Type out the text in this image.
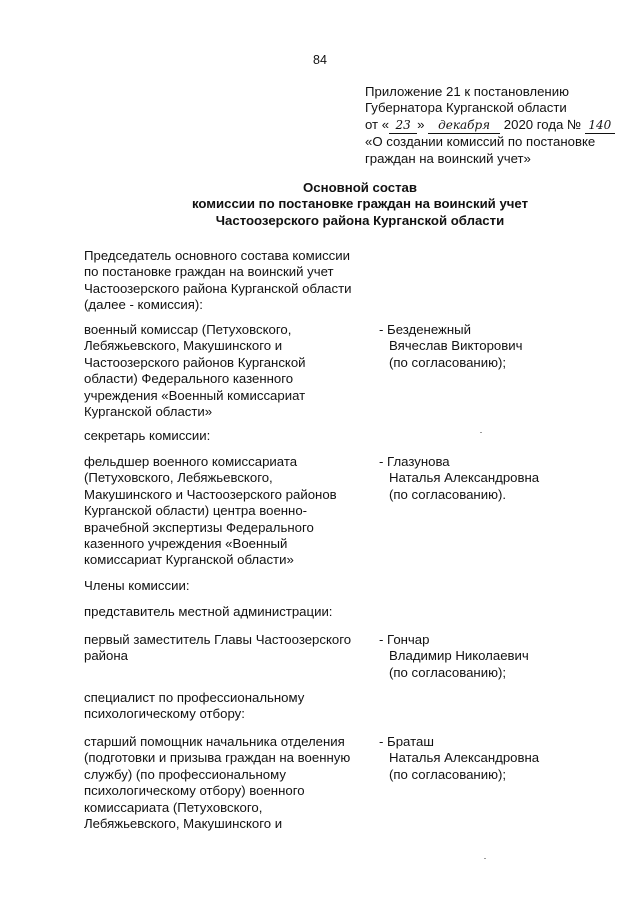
84
Приложение 21 к постановлению
Губернатора Курганской области
от « 23 » декабря 2020 года № 140
«О создании комиссий по постановке
граждан на воинский учет»
Основной состав
комиссии по постановке граждан на воинский учет
Частоозерского района Курганской области
Председатель основного состава комиссии
по постановке граждан на воинский учет
Частоозерского района Курганской области
(далее - комиссия):
военный комиссар (Петуховского,
Лебяжьевского, Макушинского и
Частоозерского районов Курганской
области) Федерального казенного
учреждения «Военный комиссариат
Курганской области»
- Безденежный
Вячеслав Викторович
(по согласованию);
секретарь комиссии:
фельдшер военного комиссариата
(Петуховского, Лебяжьевского,
Макушинского и Частоозерского районов
Курганской области) центра военно-
врачебной экспертизы Федерального
казенного учреждения «Военный
комиссариат Курганской области»
- Глазунова
Наталья Александровна
(по согласованию).
Члены комиссии:
представитель местной администрации:
первый заместитель Главы Частоозерского
района
- Гончар
Владимир Николаевич
(по согласованию);
специалист по профессиональному
психологическому отбору:
старший помощник начальника отделения
(подготовки и призыва граждан на военную
службу) (по профессиональному
психологическому отбору) военного
комиссариата (Петуховского,
Лебяжьевского, Макушинского и
- Браташ
Наталья Александровна
(по согласованию);
